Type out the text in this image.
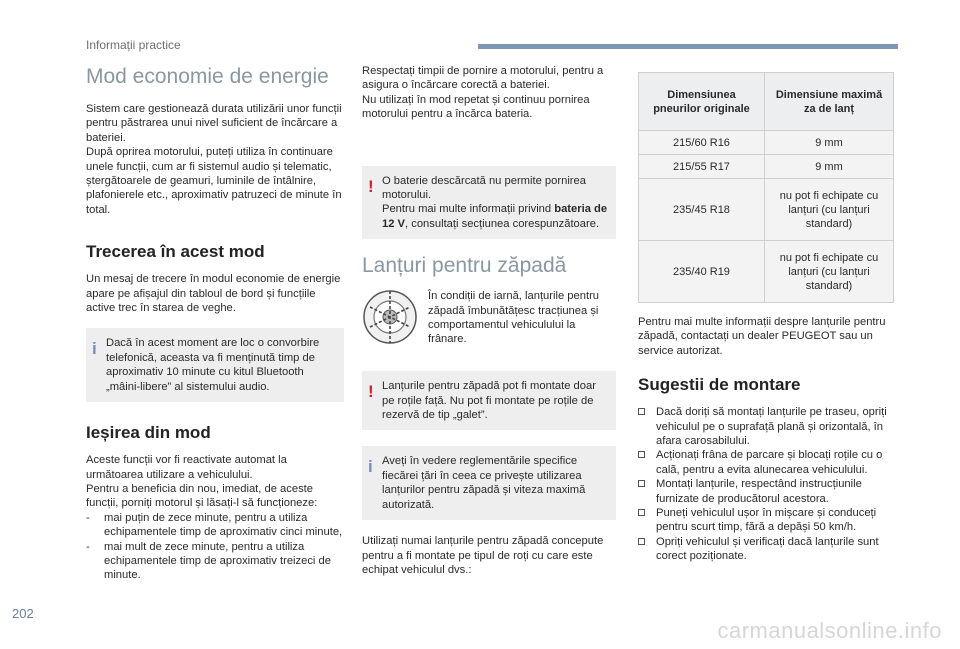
Informații practice
Mod economie de energie

Sistem care gestionează durata utilizării unor funcții pentru păstrarea unui nivel suficient de încărcare a bateriei.

După oprirea motorului, puteți utiliza în continuare unele funcții, cum ar fi sistemul audio și telematic, ștergătoarele de geamuri, luminile de întâlnire, plafonierele etc., aproximativ patruzeci de minute în total.

Trecerea în acest mod

Un mesaj de trecere în modul economie de energie apare pe afișajul din tabloul de bord și funcțiile active trec în starea de veghe.

i Dacă în acest moment are loc o convorbire telefonică, aceasta va fi menținută timp de aproximativ 10 minute cu kitul Bluetooth „mâini-libere” al sistemului audio.

Ieșirea din mod

Aceste funcții vor fi reactivate automat la următoarea utilizare a vehiculului.

Pentru a beneficia din nou, imediat, de aceste funcții, porniți motorul și lăsați-l să funcționeze:

- mai puțin de zece minute, pentru a utiliza echipamentele timp de aproximativ cinci minute,
- mai mult de zece minute, pentru a utiliza echipamentele timp de aproximativ treizeci de minute.

Respectați timpii de pornire a motorului, pentru a asigura o încărcare corectă a bateriei.

Nu utilizați în mod repetat și continuu pornirea motorului pentru a încărca bateria.

! O baterie descărcată nu permite pornirea motorului.

Pentru mai multe informații privind bateria de 12 V, consultați secțiunea corespunzătoare.

Lanțuri pentru zăpadă

În condiții de iarnă, lanțurile pentru zăpadă îmbunătățesc tracțiunea și comportamentul vehiculului la frânare.

! Lanțurile pentru zăpadă pot fi montate doar pe roțile față. Nu pot fi montate pe roțile de rezervă de tip „galet”.

i Aveți în vedere reglementările specifice fiecărei țări în ceea ce privește utilizarea lanțurilor pentru zăpadă și viteza maximă autorizată.

Utilizați numai lanțurile pentru zăpadă concepute pentru a fi montate pe tipul de roți cu care este echipat vehiculul dvs.:

Dimensiunea pneurilor originale	Dimensiune maximă za de lanț
215/60 R16	9 mm
215/55 R17	9 mm
235/45 R18	nu pot fi echipate cu lanțuri (cu lanțuri standard)
235/40 R19	nu pot fi echipate cu lanțuri (cu lanțuri standard)

Pentru mai multe informații despre lanțurile pentru zăpadă, contactați un dealer PEUGEOT sau un service autorizat.

Sugestii de montare
Dacă doriți să montați lanțurile pe traseu, opriți vehiculul pe o suprafață plană și orizontală, în afara carosabilului.
Acționați frâna de parcare și blocați roțile cu o calã, pentru a evita alunecarea vehiculului.
Montați lanțurile, respectând instrucțiunile furnizate de producătorul acestora.
Puneți vehiculul ușor în mișcare și conduceți pentru scurt timp, fără a depăși 50 km/h.
Opriți vehiculul și verificați dacă lanțurile sunt corect poziționate.
202
carmanualsonline.info
